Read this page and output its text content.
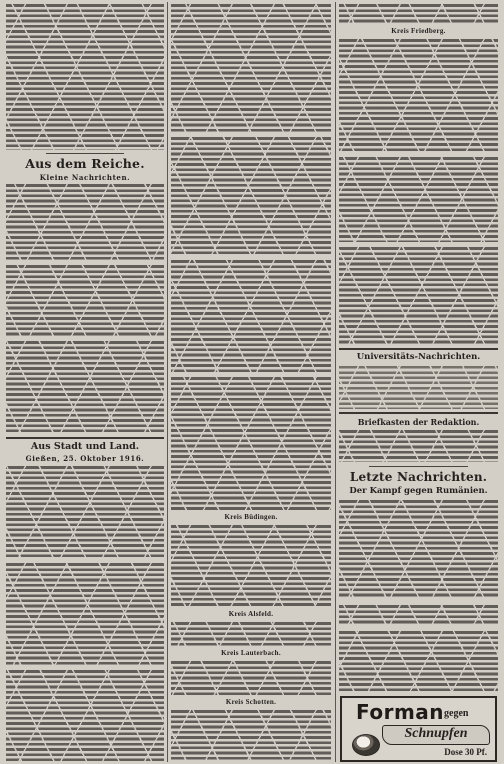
Aus dem Reiche.
Kleine Nachrichten.
Aus Stadt und Land.
Gießen, 25. Oktober 1916.
Kreis Büdingen.
Kreis Alsfeld.
Kreis Lauterbach.
Kreis Schotten.
Kreis Friedberg.
Universitäts-Nachrichten.
Briefkasten der Redaktion.
Letzte Nachrichten.
Der Kampf gegen Rumänien.
Forman gegen
Schnupfen
Dose 30 Pf.
